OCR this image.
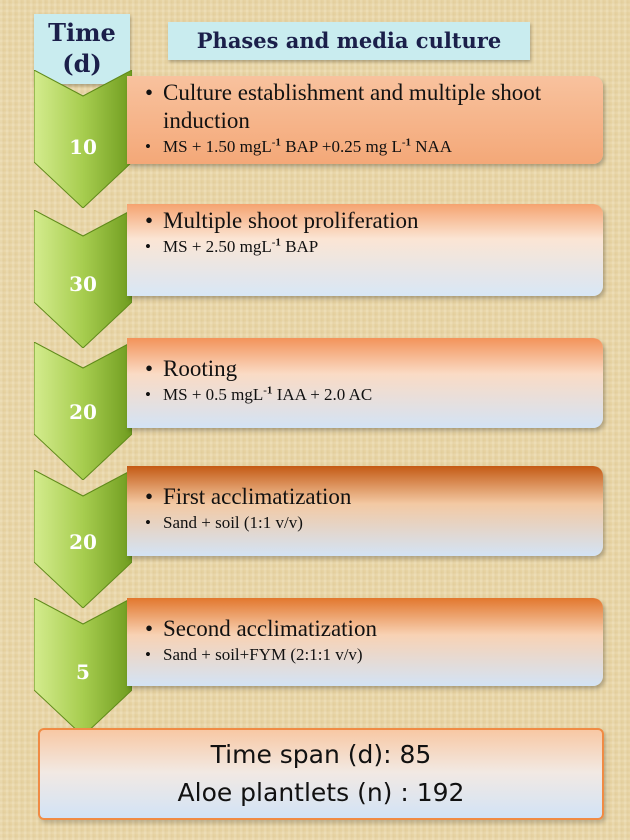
Time
(d)
Phases and media culture
10
• Culture establishment and multiple shoot induction
• MS + 1.50 mgL$^{-1}$ BAP +0.25 mg $L^{-1}$ NAA
30
• Multiple shoot proliferation
• MS + 2.50 mgL$^{-1}$ BAP
20
• Rooting
• MS + 0.5 mgL$^{-1}$ IAA + 2.0 AC
20
• First acclimatization
• Sand + soil (1:1 v/v)
5
• Second acclimatization
• Sand + soil+FYM (2:1:1 v/v)
Time span (d): 85
Aloe plantlets (n) : 192
